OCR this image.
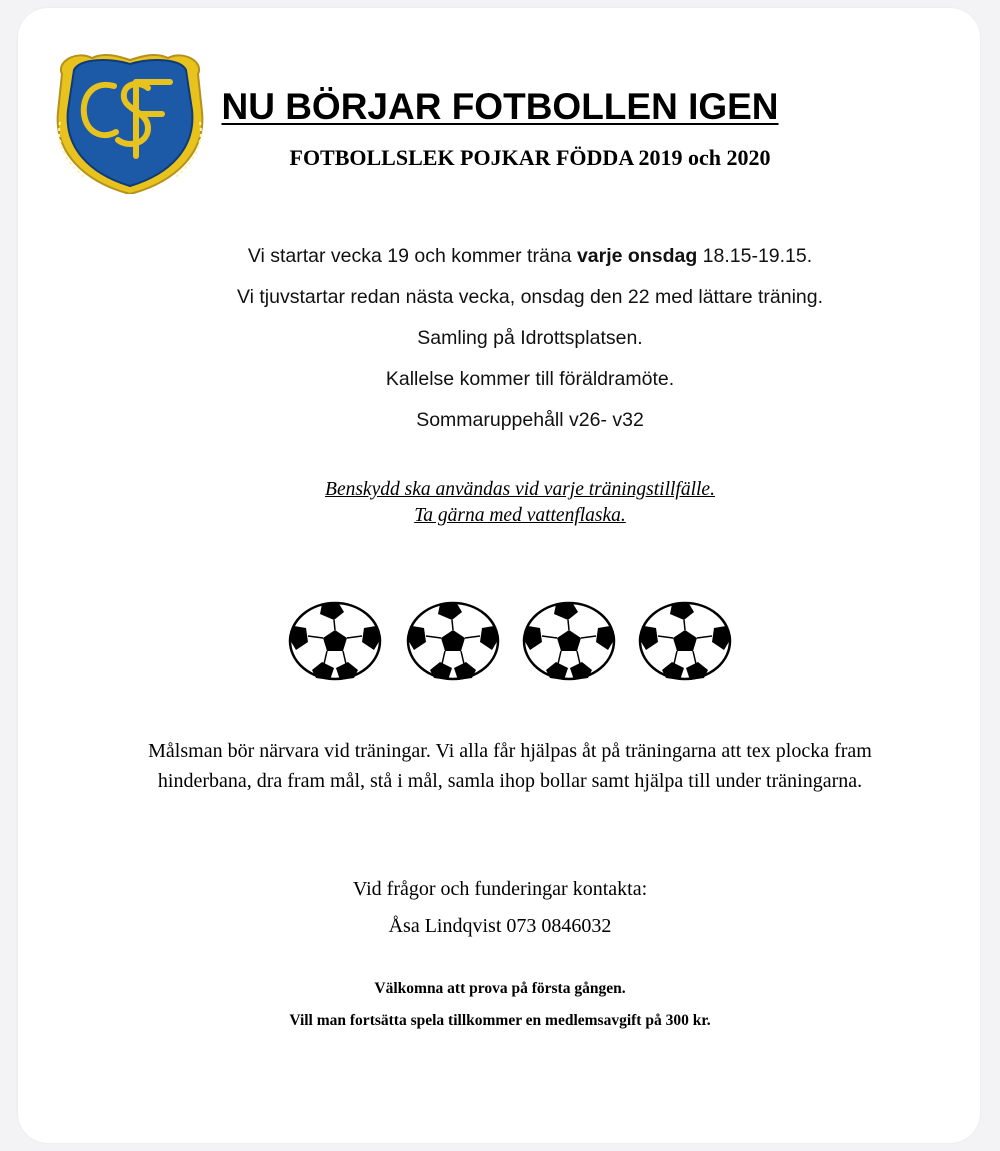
NU BÖRJAR FOTBOLLEN IGEN
FOTBOLLSLEK POJKAR FÖDDA 2019 och 2020

Vi startar vecka 19 och kommer träna varje onsdag 18.15-19.15.

Vi tjuvstartar redan nästa vecka, onsdag den 22 med lättare träning.

Samling på Idrottsplatsen.

Kallelse kommer till föräldramöte.

Sommaruppehåll v26- v32

Benskydd ska användas vid varje träningstillfälle.

Ta gärna med vattenflaska.

Målsman bör närvara vid träningar. Vi alla får hjälpas åt på träningarna att tex plocka fram hinderbana, dra fram mål, stå i mål, samla ihop bollar samt hjälpa till under träningarna.

Vid frågor och funderingar kontakta:

Åsa Lindqvist 073 0846032

Välkomna att prova på första gången.

Vill man fortsätta spela tillkommer en medlemsavgift på 300 kr.
